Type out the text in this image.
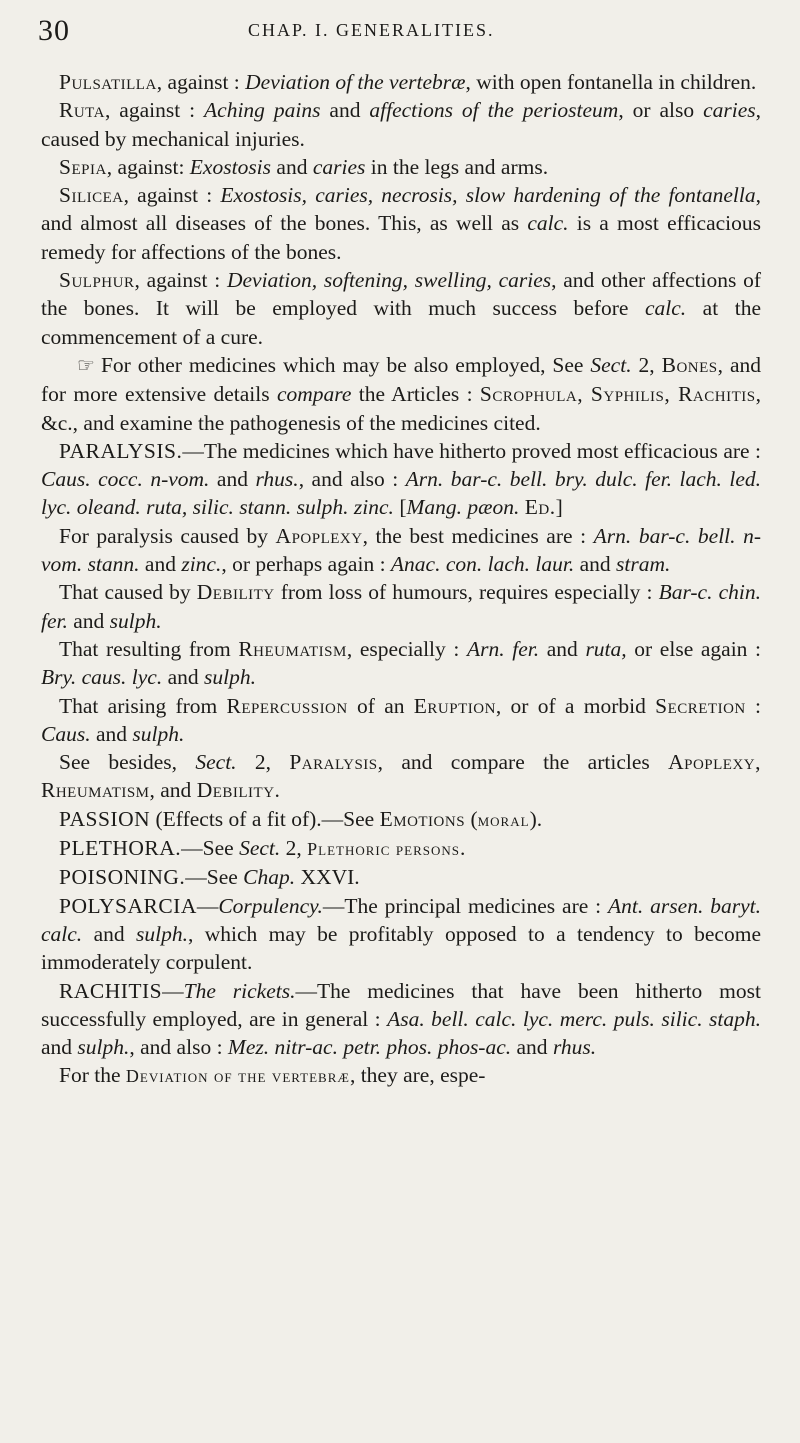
30	CHAP. I. GENERALITIES.

Pulsatilla, against : Deviation of the vertebræ, with open fontanella in children.

Ruta, against : Aching pains and affections of the periosteum, or also caries, caused by mechanical injuries.

Sepia, against: Exostosis and caries in the legs and arms.

Silicea, against : Exostosis, caries, necrosis, slow hardening of the fontanella, and almost all diseases of the bones. This, as well as calc. is a most efficacious remedy for affections of the bones.

Sulphur, against : Deviation, softening, swelling, caries, and other affections of the bones. It will be employed with much success before calc. at the commencement of a cure.

☞ For other medicines which may be also employed, See Sect. 2, Bones, and for more extensive details compare the Articles : Scrophula, Syphilis, Rachitis, &c., and examine the pathogenesis of the medicines cited.

PARALYSIS.—The medicines which have hitherto proved most efficacious are : Caus. cocc. n-vom. and rhus., and also : Arn. bar-c. bell. bry. dulc. fer. lach. led. lyc. oleand. ruta, silic. stann. sulph. zinc. [Mang. pæon. Ed.]

For paralysis caused by Apoplexy, the best medicines are : Arn. bar-c. bell. n-vom. stann. and zinc., or perhaps again : Anac. con. lach. laur. and stram.

That caused by Debility from loss of humours, requires especially : Bar-c. chin. fer. and sulph.

That resulting from Rheumatism, especially : Arn. fer. and ruta, or else again : Bry. caus. lyc. and sulph.

That arising from Repercussion of an Eruption, or of a morbid Secretion : Caus. and sulph.

See besides, Sect. 2, Paralysis, and compare the articles Apoplexy, Rheumatism, and Debility.

PASSION (Effects of a fit of).—See Emotions (moral).

PLETHORA.—See Sect. 2, Plethoric persons.

POISONING.—See Chap. XXVI.

POLYSARCIA—Corpulency.—The principal medicines are : Ant. arsen. baryt. calc. and sulph., which may be profitably opposed to a tendency to become immoderately corpulent.

RACHITIS—The rickets.—The medicines that have been hitherto most successfully employed, are in general : Asa. bell. calc. lyc. merc. puls. silic. staph. and sulph., and also : Mez. nitr-ac. petr. phos. phos-ac. and rhus.

For the Deviation of the vertebræ, they are, espe-
